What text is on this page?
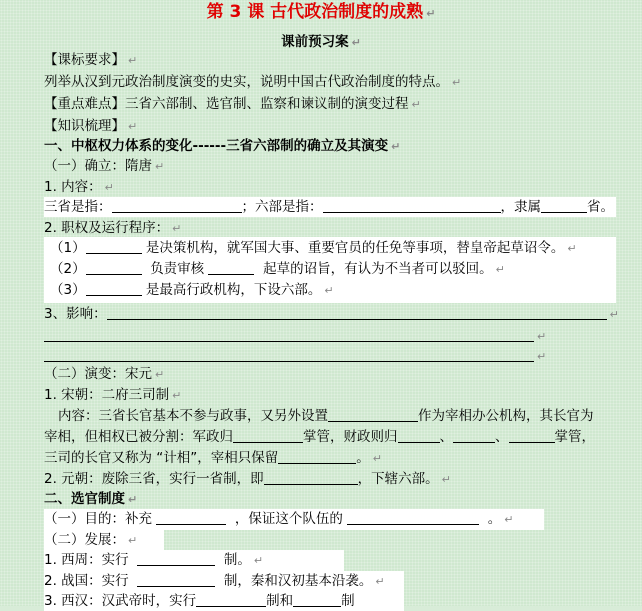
第 3 课 古代政治制度的成熟 ↵
课前预习案 ↵
【课标要求】 ↵
列举从汉到元政治制度演变的史实，说明中国古代政治制度的特点。 ↵
【重点难点】三省六部制、选官制、监察和谏议制的演变过程 ↵
【知识梳理】 ↵
一、中枢权力体系的变化------三省六部制的确立及其演变 ↵
（一）确立：隋唐 ↵
1. 内容： ↵
三省是指：	；六部是指：	，隶属	省。
2. 职权及运行程序： ↵
（1）	是决策机构，就军国大事、重要官员的任免等事项，替皇帝起草诏令。 ↵
（2）	负责审核	起草的诏旨，有认为不当者可以驳回。 ↵
（3）	是最高行政机构，下设六部。 ↵
3、影响：	↵
↵
↵
（二）演变：宋元 ↵
1. 宋朝：二府三司制 ↵
内容：三省长官基本不参与政事，又另外设置	作为宰相办公机构，其长官为
宰相，但相权已被分割：军政归	掌管，财政则归	、	、	掌管，
三司的长官又称为 “计相”，宰相只保留	。 ↵
2. 元朝：废除三省，实行一省制，即	，下辖六部。 ↵
二、选官制度 ↵
（一）目的：补充	，保证这个队伍的	。 ↵
（二）发展： ↵
1. 西周：实行	制。 ↵
2. 战国：实行	制，秦和汉初基本沿袭。 ↵
3. 西汉：汉武帝时，实行	制和	制
